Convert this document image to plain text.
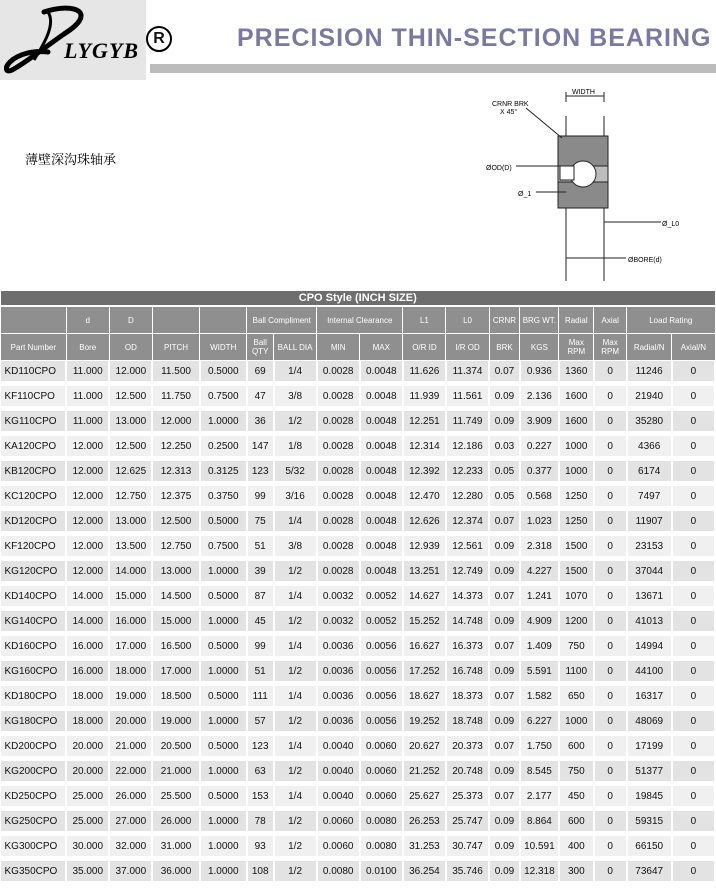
LYGYB R	PRECISION THIN-SECTION BEARING
薄壁深沟珠轴承
CRNR BRK
X 45°
WIDTH
ØOD(D)
Ø_1
Ø_L0
ØBORE(d)
CPO Style (INCH SIZE)																
	d	D			Ball Compliment		Internal Clearance		L1	L0	CRNR	BRG WT.	Radial	Axial	Load Rating	
Part Number	Bore	OD	PITCH	WIDTH	Ball QTY	BALL DIA	MIN	MAX	O/R ID	I/R OD	BRK	KGS	Max RPM	Max RPM	Radial/N	Axial/N
KD110CPO	11.000	12.000	11.500	0.5000	69	1/4	0.0028	0.0048	11.626	11.374	0.07	0.936	1360	0	11246	0
KF110CPO	11.000	12.500	11.750	0.7500	47	3/8	0.0028	0.0048	11.939	11.561	0.09	2.136	1600	0	21940	0
KG110CPO	11.000	13.000	12.000	1.0000	36	1/2	0.0028	0.0048	12.251	11.749	0.09	3.909	1600	0	35280	0
KA120CPO	12.000	12.500	12.250	0.2500	147	1/8	0.0028	0.0048	12.314	12.186	0.03	0.227	1000	0	4366	0
KB120CPO	12.000	12.625	12.313	0.3125	123	5/32	0.0028	0.0048	12.392	12.233	0.05	0.377	1000	0	6174	0
KC120CPO	12.000	12.750	12.375	0.3750	99	3/16	0.0028	0.0048	12.470	12.280	0.05	0.568	1250	0	7497	0
KD120CPO	12.000	13.000	12.500	0.5000	75	1/4	0.0028	0.0048	12.626	12.374	0.07	1.023	1250	0	11907	0
KF120CPO	12.000	13.500	12.750	0.7500	51	3/8	0.0028	0.0048	12.939	12.561	0.09	2.318	1500	0	23153	0
KG120CPO	12.000	14.000	13.000	1.0000	39	1/2	0.0028	0.0048	13.251	12.749	0.09	4.227	1500	0	37044	0
KD140CPO	14.000	15.000	14.500	0.5000	87	1/4	0.0032	0.0052	14.627	14.373	0.07	1.241	1070	0	13671	0
KG140CPO	14.000	16.000	15.000	1.0000	45	1/2	0.0032	0.0052	15.252	14.748	0.09	4.909	1200	0	41013	0
KD160CPO	16.000	17.000	16.500	0.5000	99	1/4	0.0036	0.0056	16.627	16.373	0.07	1.409	750	0	14994	0
KG160CPO	16.000	18.000	17.000	1.0000	51	1/2	0.0036	0.0056	17.252	16.748	0.09	5.591	1100	0	44100	0
KD180CPO	18.000	19.000	18.500	0.5000	111	1/4	0.0036	0.0056	18.627	18.373	0.07	1.582	650	0	16317	0
KG180CPO	18.000	20.000	19.000	1.0000	57	1/2	0.0036	0.0056	19.252	18.748	0.09	6.227	1000	0	48069	0
KD200CPO	20.000	21.000	20.500	0.5000	123	1/4	0.0040	0.0060	20.627	20.373	0.07	1.750	600	0	17199	0
KG200CPO	20.000	22.000	21.000	1.0000	63	1/2	0.0040	0.0060	21.252	20.748	0.09	8.545	750	0	51377	0
KD250CPO	25.000	26.000	25.500	0.5000	153	1/4	0.0040	0.0060	25.627	25.373	0.07	2.177	450	0	19845	0
KG250CPO	25.000	27.000	26.000	1.0000	78	1/2	0.0060	0.0080	26.253	25.747	0.09	8.864	600	0	59315	0
KG300CPO	30.000	32.000	31.000	1.0000	93	1/2	0.0060	0.0080	31.253	30.747	0.09	10.591	400	0	66150	0
KG350CPO	35.000	37.000	36.000	1.0000	108	1/2	0.0080	0.0100	36.254	35.746	0.09	12.318	300	0	73647	0
